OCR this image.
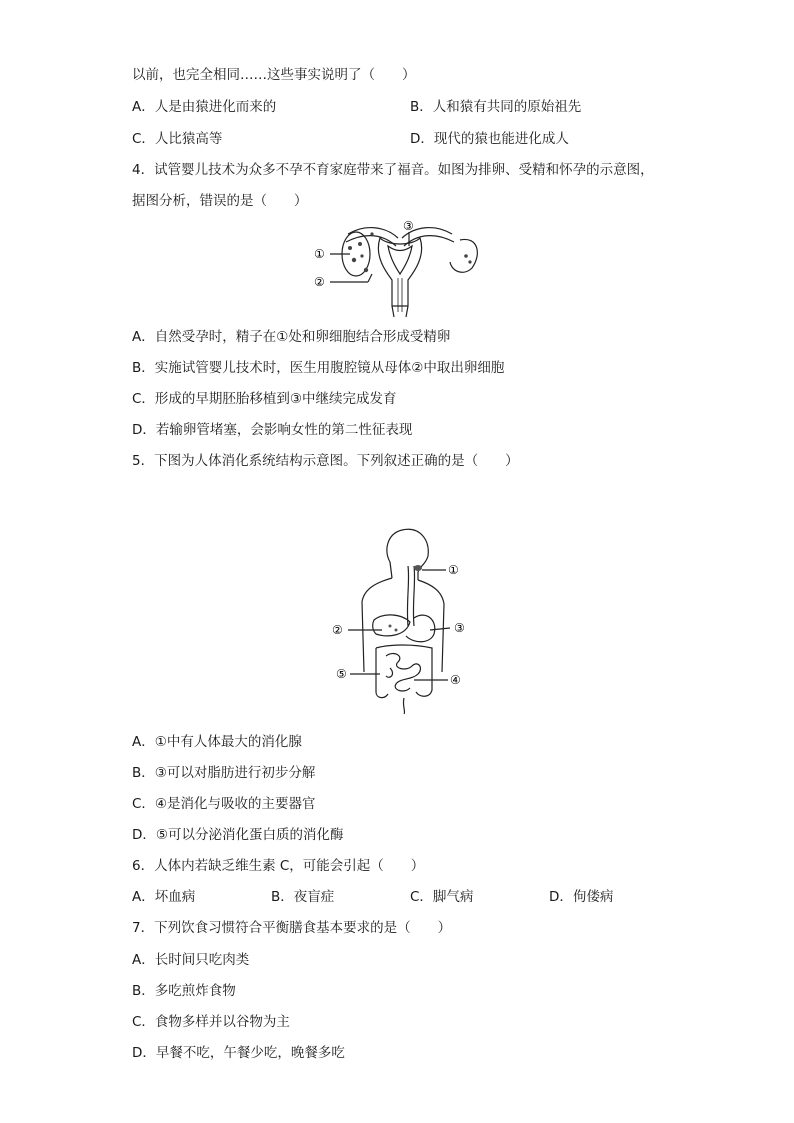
以前，也完全相同……这些事实说明了（　　）
A．人是由猿进化而来的	B．人和猿有共同的原始祖先
C．人比猿高等	D．现代的猿也能进化成人
4．试管婴儿技术为众多不孕不育家庭带来了福音。如图为排卵、受精和怀孕的示意图，
据图分析，错误的是（　　）
①
②
③
A．自然受孕时，精子在①处和卵细胞结合形成受精卵
B．实施试管婴儿技术时，医生用腹腔镜从母体②中取出卵细胞
C．形成的早期胚胎移植到③中继续完成发育
D．若输卵管堵塞，会影响女性的第二性征表现
5．下图为人体消化系统结构示意图。下列叙述正确的是（　　）
①
②	③
④
⑤
A．①中有人体最大的消化腺
B．③可以对脂肪进行初步分解
C．④是消化与吸收的主要器官
D．⑤可以分泌消化蛋白质的消化酶
6．人体内若缺乏维生素 C，可能会引起（　　）
A．坏血病	B．夜盲症	C．脚气病	D．佝偻病
7．下列饮食习惯符合平衡膳食基本要求的是（　　）
A．长时间只吃肉类
B．多吃煎炸食物
C．食物多样并以谷物为主
D．早餐不吃，午餐少吃，晚餐多吃
